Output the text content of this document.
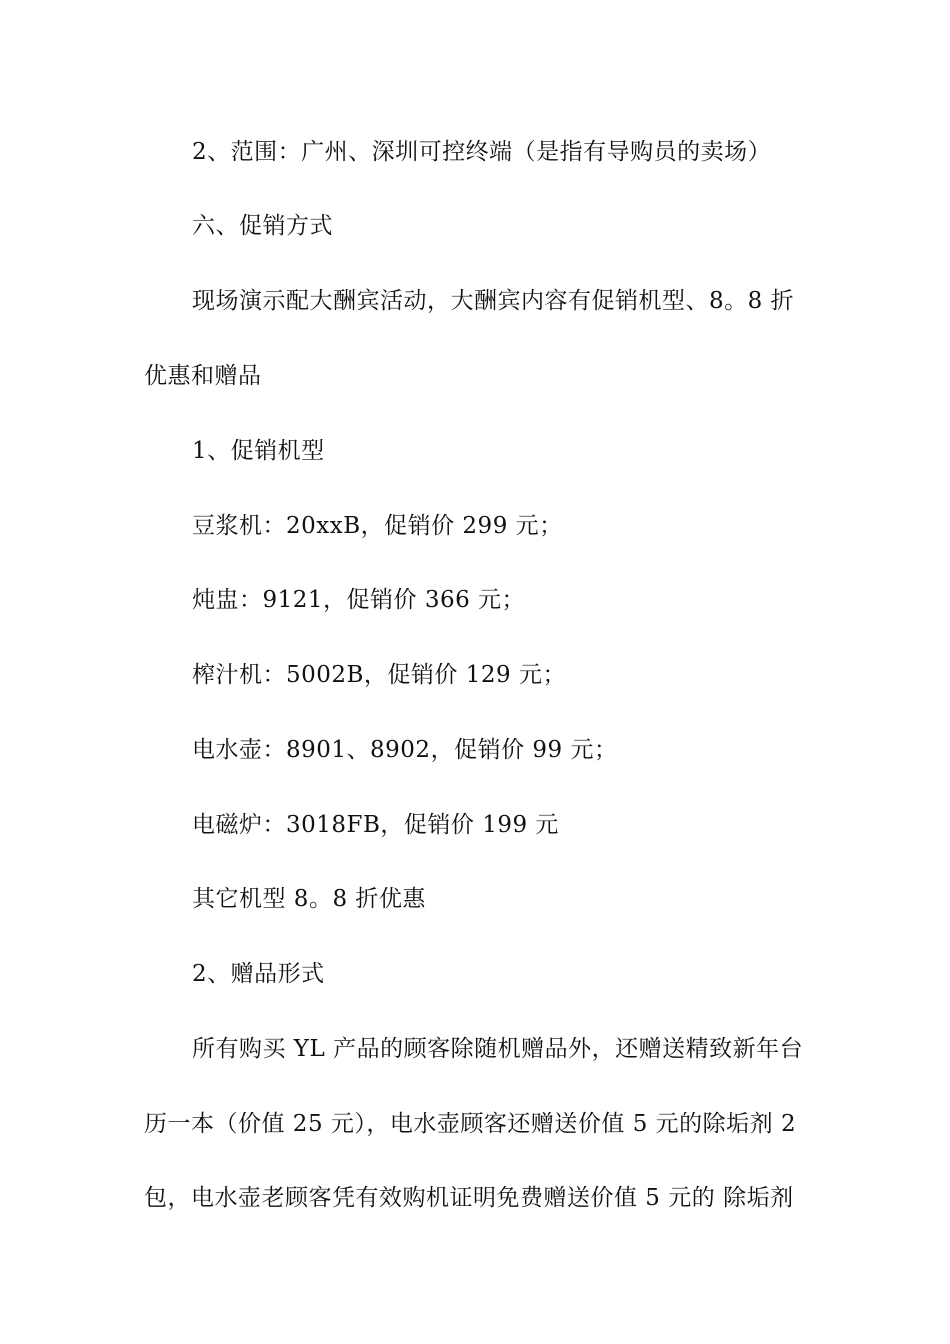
2、范围：广州、深圳可控终端（是指有导购员的卖场）
六、促销方式
现场演示配大酬宾活动，大酬宾内容有促销机型、8。8 折
优惠和赠品
1、促销机型
豆浆机：20xxB，促销价 299 元；
炖盅：9121，促销价 366 元；
榨汁机：5002B，促销价 129 元；
电水壶：8901、8902，促销价 99 元；
电磁炉：3018FB，促销价 199 元
其它机型 8。8 折优惠
2、赠品形式
所有购买 YL 产品的顾客除随机赠品外，还赠送精致新年台
历一本（价值 25 元），电水壶顾客还赠送价值 5 元的除垢剂 2
包，电水壶老顾客凭有效购机证明免费赠送价值 5 元的 除垢剂
